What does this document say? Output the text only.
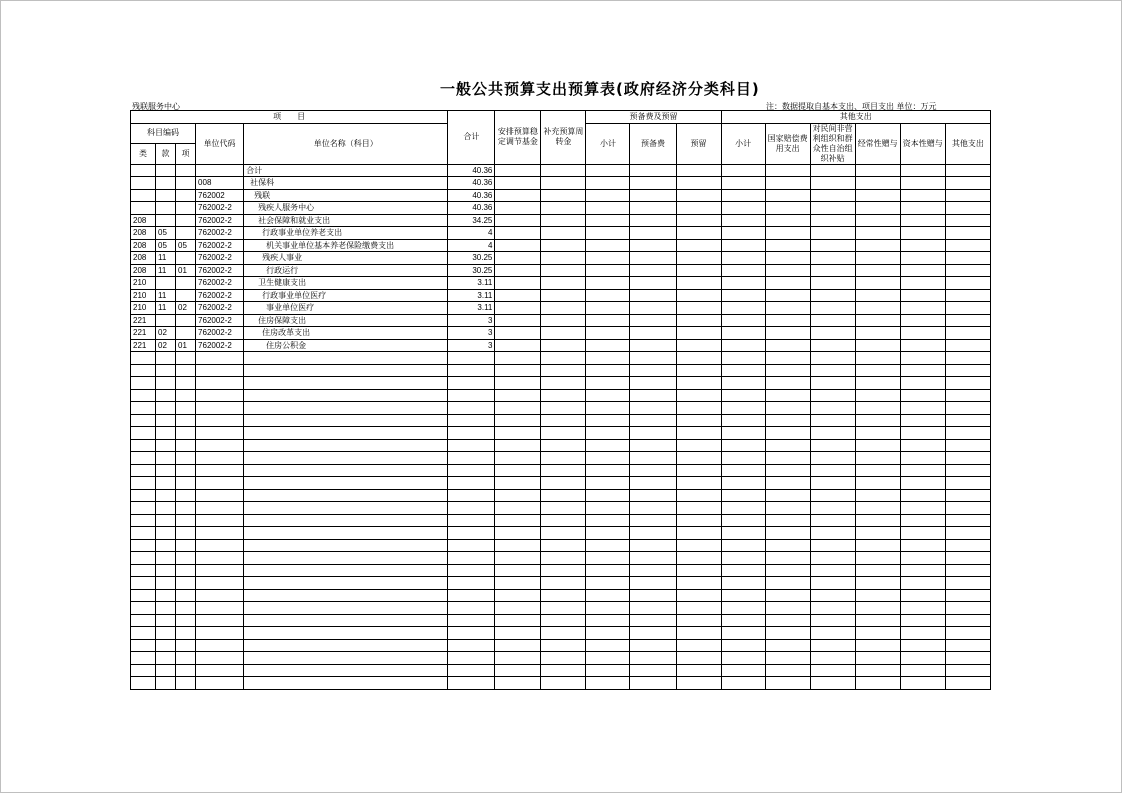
一般公共预算支出预算表(政府经济分类科目)
残联服务中心	注：数据提取自基本支出、项目支出 单位：万元
项　　目					合计	安排预算稳定调节基金	补充预算周转金	预备费及预留			其他支出					
科目编码			单位代码	单位名称（科目）				小计	预备费	预留	小计	国家赔偿费用支出	对民间非营利组织和群众性自治组织补贴	经常性赠与	资本性赠与	其他支出
类	款	项														
				合计	40.36											
			008	社保科	40.36											
			762002	残联	40.36											
			762002-2	残疾人服务中心	40.36											
208			762002-2	社会保障和就业支出	34.25											
208	05		762002-2	行政事业单位养老支出	4											
208	05	05	762002-2	机关事业单位基本养老保险缴费支出	4											
208	11		762002-2	残疾人事业	30.25											
208	11	01	762002-2	行政运行	30.25											
210			762002-2	卫生健康支出	3.11											
210	11		762002-2	行政事业单位医疗	3.11											
210	11	02	762002-2	事业单位医疗	3.11											
221			762002-2	住房保障支出	3											
221	02		762002-2	住房改革支出	3											
221	02	01	762002-2	住房公积金	3											
